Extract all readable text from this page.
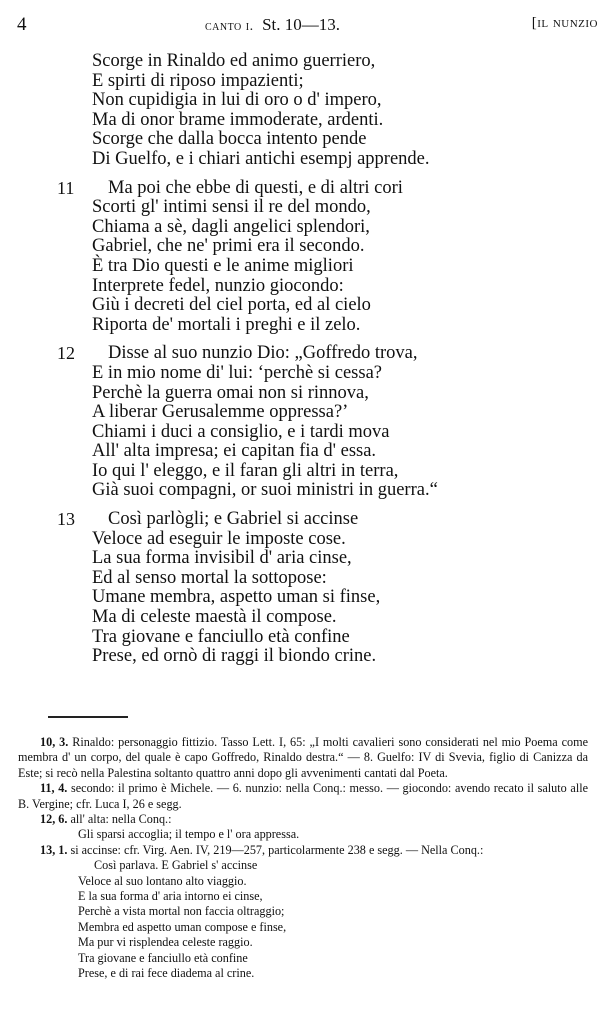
4	canto i. St. 10—13.	[il nunzio
Scorge in Rinaldo ed animo guerriero,
E spirti di riposo impazienti;
Non cupidigia in lui di oro o d' impero,
Ma di onor brame immoderate, ardenti.
Scorge che dalla bocca intento pende
Di Guelfo, e i chiari antichi esempj apprende.
11 Ma poi che ebbe di questi, e di altri cori
Scorti gl' intimi sensi il re del mondo,
Chiama a sè, dagli angelici splendori,
Gabriel, che ne' primi era il secondo.
È tra Dio questi e le anime migliori
Interprete fedel, nunzio giocondo:
Giù i decreti del ciel porta, ed al cielo
Riporta de' mortali i preghi e il zelo.
12 Disse al suo nunzio Dio: „Goffredo trova,
E in mio nome di' lui: ‘perchè si cessa?
Perchè la guerra omai non si rinnova,
A liberar Gerusalemme oppressa?’
Chiami i duci a consiglio, e i tardi mova
All' alta impresa; ei capitan fia d' essa.
Io qui l' eleggo, e il faran gli altri in terra,
Già suoi compagni, or suoi ministri in guerra.“
13 Così parlògli; e Gabriel si accinse
Veloce ad eseguir le imposte cose.
La sua forma invisibil d' aria cinse,
Ed al senso mortal la sottopose:
Umane membra, aspetto uman si finse,
Ma di celeste maestà il compose.
Tra giovane e fanciullo età confine
Prese, ed ornò di raggi il biondo crine.

10, 3. Rinaldo: personaggio fittizio. Tasso Lett. I, 65: „I molti cavalieri sono considerati nel mio Poema come membra d' un corpo, del quale è capo Goffredo, Rinaldo destra.“ — 8. Guelfo: IV di Svevia, figlio di Canizza da Este; si recò nella Palestina soltanto quattro anni dopo gli avvenimenti cantati dal Poeta.

11, 4. secondo: il primo è Michele. — 6. nunzio: nella Conq.: messo. — giocondo: avendo recato il saluto alle B. Vergine; cfr. Luca I, 26 e segg.

12, 6. all' alta: nella Conq.:

Gli sparsi accoglia; il tempo e l' ora appressa.

13, 1. si accinse: cfr. Virg. Aen. IV, 219—257, particolarmente 238 e segg. — Nella Conq.:

Così parlava. E Gabriel s' accinse
Veloce al suo lontano alto viaggio.
E la sua forma d' aria intorno ei cinse,
Perchè a vista mortal non faccia oltraggio;
Membra ed aspetto uman compose e finse,
Ma pur vi risplendea celeste raggio.
Tra giovane e fanciullo età confine
Prese, e di rai fece diadema al crine.
